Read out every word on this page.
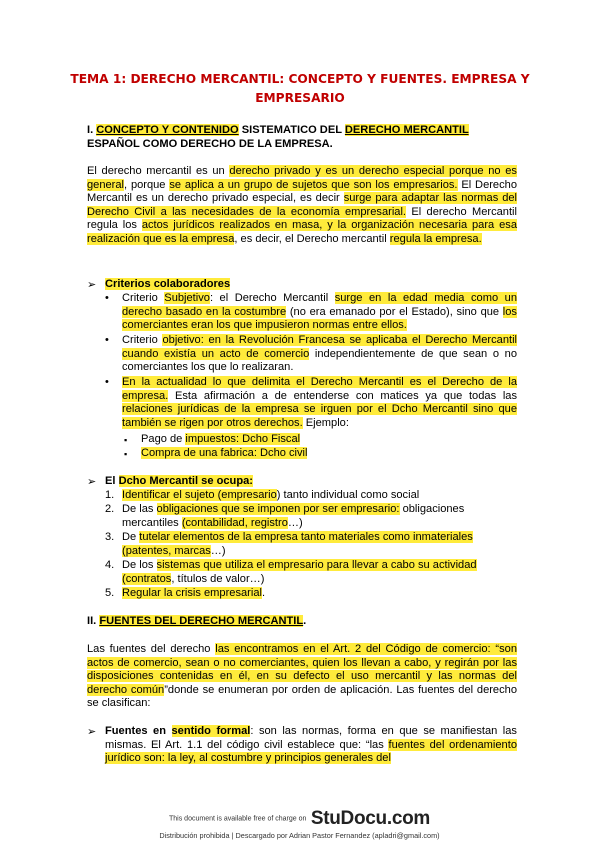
TEMA 1: DERECHO MERCANTIL: CONCEPTO Y FUENTES. EMPRESA Y EMPRESARIO
I. CONCEPTO Y CONTENIDO SISTEMATICO DEL DERECHO MERCANTIL ESPAÑOL COMO DERECHO DE LA EMPRESA.
El derecho mercantil es un derecho privado y es un derecho especial porque no es general, porque se aplica a un grupo de sujetos que son los empresarios. El Derecho Mercantil es un derecho privado especial, es decir surge para adaptar las normas del Derecho Civil a las necesidades de la economía empresarial. El derecho Mercantil regula los actos jurídicos realizados en masa, y la organización necesaria para esa realización que es la empresa, es decir, el Derecho mercantil regula la empresa.
➢ Criterios colaboradores
• Criterio Subjetivo: el Derecho Mercantil surge en la edad media como un derecho basado en la costumbre (no era emanado por el Estado), sino que los comerciantes eran los que impusieron normas entre ellos.
• Criterio objetivo: en la Revolución Francesa se aplicaba el Derecho Mercantil cuando existía un acto de comercio independientemente de que sean o no comerciantes los que lo realizaran.
• En la actualidad lo que delimita el Derecho Mercantil es el Derecho de la empresa. Esta afirmación a de entenderse con matices ya que todas las relaciones jurídicas de la empresa se irguen por el Dcho Mercantil sino que también se rigen por otros derechos. Ejemplo:
▪ Pago de impuestos: Dcho Fiscal
▪ Compra de una fabrica: Dcho civil
➢ El Dcho Mercantil se ocupa:
1. Identificar el sujeto (empresario) tanto individual como social
2. De las obligaciones que se imponen por ser empresario: obligaciones mercantiles (contabilidad, registro…)
3. De tutelar elementos de la empresa tanto materiales como inmateriales (patentes, marcas…)
4. De los sistemas que utiliza el empresario para llevar a cabo su actividad (contratos, títulos de valor…)
5. Regular la crisis empresarial.
II. FUENTES DEL DERECHO MERCANTIL.
Las fuentes del derecho las encontramos en el Art. 2 del Código de comercio: “son actos de comercio, sean o no comerciantes, quien los llevan a cabo, y regirán por las disposiciones contenidas en él, en su defecto el uso mercantil y las normas del derecho común”donde se enumeran por orden de aplicación. Las fuentes del derecho se clasifican:
➢ Fuentes en sentido formal: son las normas, forma en que se manifiestan las mismas. El Art. 1.1 del código civil establece que: “las fuentes del ordenamiento jurídico son: la ley, al costumbre y principios generales del
This document is available free of charge on StuDocu.com
Distribución prohibida | Descargado por Adrian Pastor Fernandez (apladri@gmail.com)
